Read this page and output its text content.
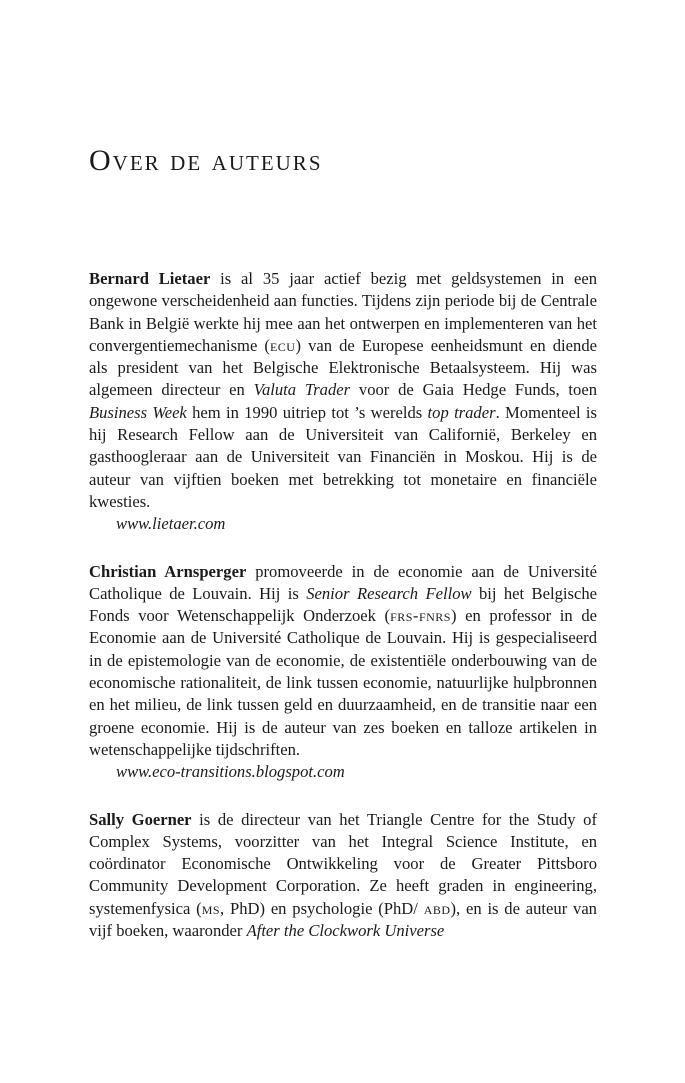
Over de auteurs

Bernard Lietaer is al 35 jaar actief bezig met geldsystemen in een ongewone verscheidenheid aan functies. Tijdens zijn periode bij de Centrale Bank in België werkte hij mee aan het ontwerpen en implementeren van het convergentiemechanisme (ecu) van de Europese eenheidsmunt en diende als president van het Belgische Elektronische Betaalsysteem. Hij was algemeen directeur en Valuta Trader voor de Gaia Hedge Funds, toen Business Week hem in 1990 uitriep tot ’s werelds top trader. Momenteel is hij Research Fellow aan de Universiteit van Californië, Berkeley en gasthoogleraar aan de Universiteit van Financiën in Moskou. Hij is de auteur van vijftien boeken met betrekking tot monetaire en financiële kwesties.

www.lietaer.com

Christian Arnsperger promoveerde in de economie aan de Université Catholique de Louvain. Hij is Senior Research Fellow bij het Belgische Fonds voor Wetenschappelijk Onderzoek (frs-fnrs) en professor in de Economie aan de Université Catholique de Louvain. Hij is gespecialiseerd in de epistemologie van de economie, de existentiële onderbouwing van de economische rationaliteit, de link tussen economie, natuurlijke hulpbronnen en het milieu, de link tussen geld en duurzaamheid, en de transitie naar een groene economie. Hij is de auteur van zes boeken en talloze artikelen in wetenschappelijke tijdschriften.

www.eco-transitions.blogspot.com

Sally Goerner is de directeur van het Triangle Centre for the Study of Complex Systems, voorzitter van het Integral Science Institute, en coördinator Economische Ontwikkeling voor de Greater Pittsboro Community Development Corporation. Ze heeft graden in engineering, systemenfysica (ms, PhD) en psychologie (PhD/ abd), en is de auteur van vijf boeken, waaronder After the Clockwork Universe
